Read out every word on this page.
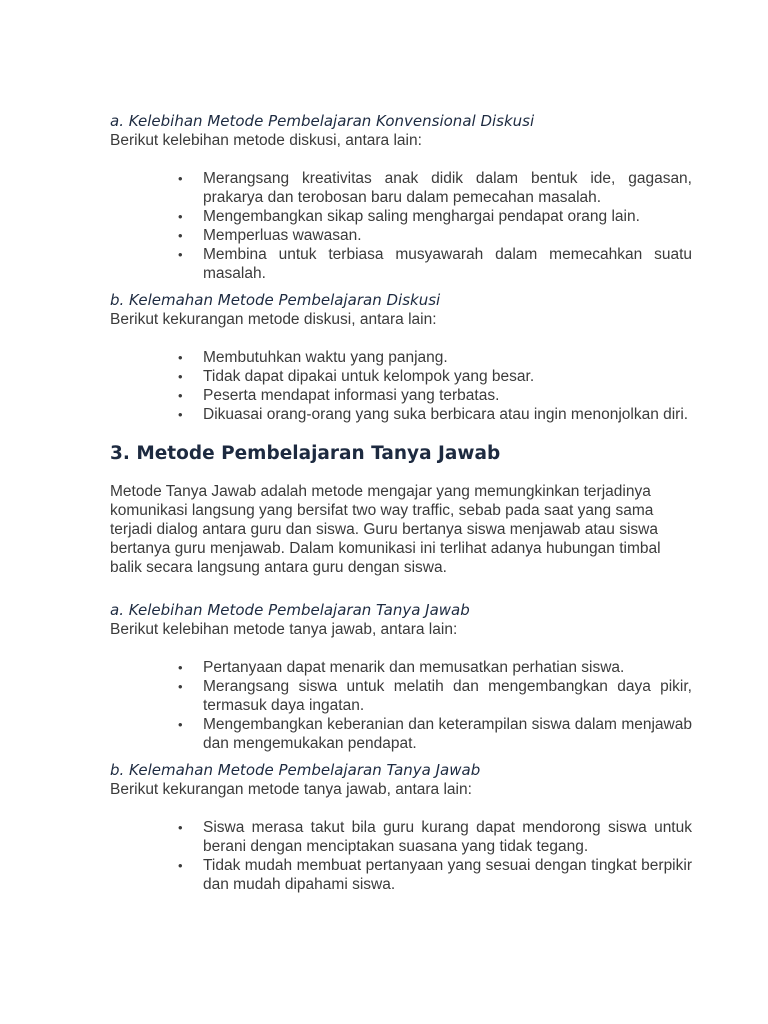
a. Kelebihan Metode Pembelajaran Konvensional Diskusi

Berikut kelebihan metode diskusi, antara lain:

• Merangsang kreativitas anak didik dalam bentuk ide, gagasan, prakarya dan terobosan baru dalam pemecahan masalah.
• Mengembangkan sikap saling menghargai pendapat orang lain.
• Memperluas wawasan.
• Membina untuk terbiasa musyawarah dalam memecahkan suatu masalah.

b. Kelemahan Metode Pembelajaran Diskusi

Berikut kekurangan metode diskusi, antara lain:

• Membutuhkan waktu yang panjang.
• Tidak dapat dipakai untuk kelompok yang besar.
• Peserta mendapat informasi yang terbatas.
• Dikuasai orang-orang yang suka berbicara atau ingin menonjolkan diri.
3. Metode Pembelajaran Tanya Jawab

Metode Tanya Jawab adalah metode mengajar yang memungkinkan terjadinya komunikasi langsung yang bersifat two way traffic, sebab pada saat yang sama terjadi dialog antara guru dan siswa. Guru bertanya siswa menjawab atau siswa bertanya guru menjawab. Dalam komunikasi ini terlihat adanya hubungan timbal balik secara langsung antara guru dengan siswa.

a. Kelebihan Metode Pembelajaran Tanya Jawab

Berikut kelebihan metode tanya jawab, antara lain:

• Pertanyaan dapat menarik dan memusatkan perhatian siswa.
• Merangsang siswa untuk melatih dan mengembangkan daya pikir, termasuk daya ingatan.
• Mengembangkan keberanian dan keterampilan siswa dalam menjawab dan mengemukakan pendapat.

b. Kelemahan Metode Pembelajaran Tanya Jawab

Berikut kekurangan metode tanya jawab, antara lain:

• Siswa merasa takut bila guru kurang dapat mendorong siswa untuk berani dengan menciptakan suasana yang tidak tegang.
• Tidak mudah membuat pertanyaan yang sesuai dengan tingkat berpikir dan mudah dipahami siswa.
